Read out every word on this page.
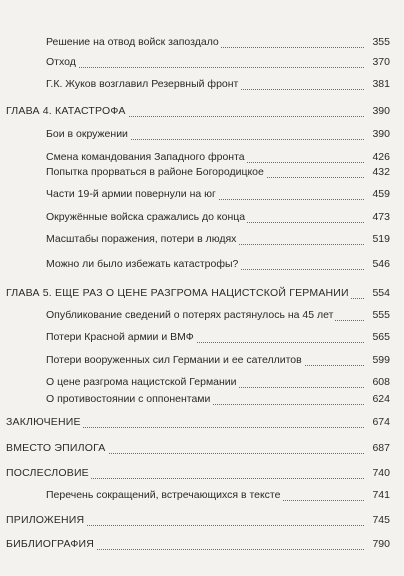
Решение на отвод войск запоздало	355
Отход	370
Г.К. Жуков возглавил Резервный фронт	381
ГЛАВА 4. КАТАСТРОФА	390
Бои в окружении	390
Смена командования Западного фронта	426
Попытка прорваться в районе Богородицкое	432
Части 19-й армии повернули на юг	459
Окружённые войска сражались до конца	473
Масштабы поражения, потери в людях	519
Можно ли было избежать катастрофы?	546
ГЛАВА 5. ЕЩЕ РАЗ О ЦЕНЕ РАЗГРОМА НАЦИСТСКОЙ ГЕРМАНИИ	554
Опубликование сведений о потерях растянулось на 45 лет	555
Потери Красной армии и ВМФ	565
Потери вооруженных сил Германии и ее сателлитов	599
О цене разгрома нацистской Германии	608
О противостоянии с оппонентами	624
ЗАКЛЮЧЕНИЕ	674
ВМЕСТО ЭПИЛОГА	687
ПОСЛЕСЛОВИЕ	740
Перечень сокращений, встречающихся в тексте	741
ПРИЛОЖЕНИЯ	745
БИБЛИОГРАФИЯ	790
